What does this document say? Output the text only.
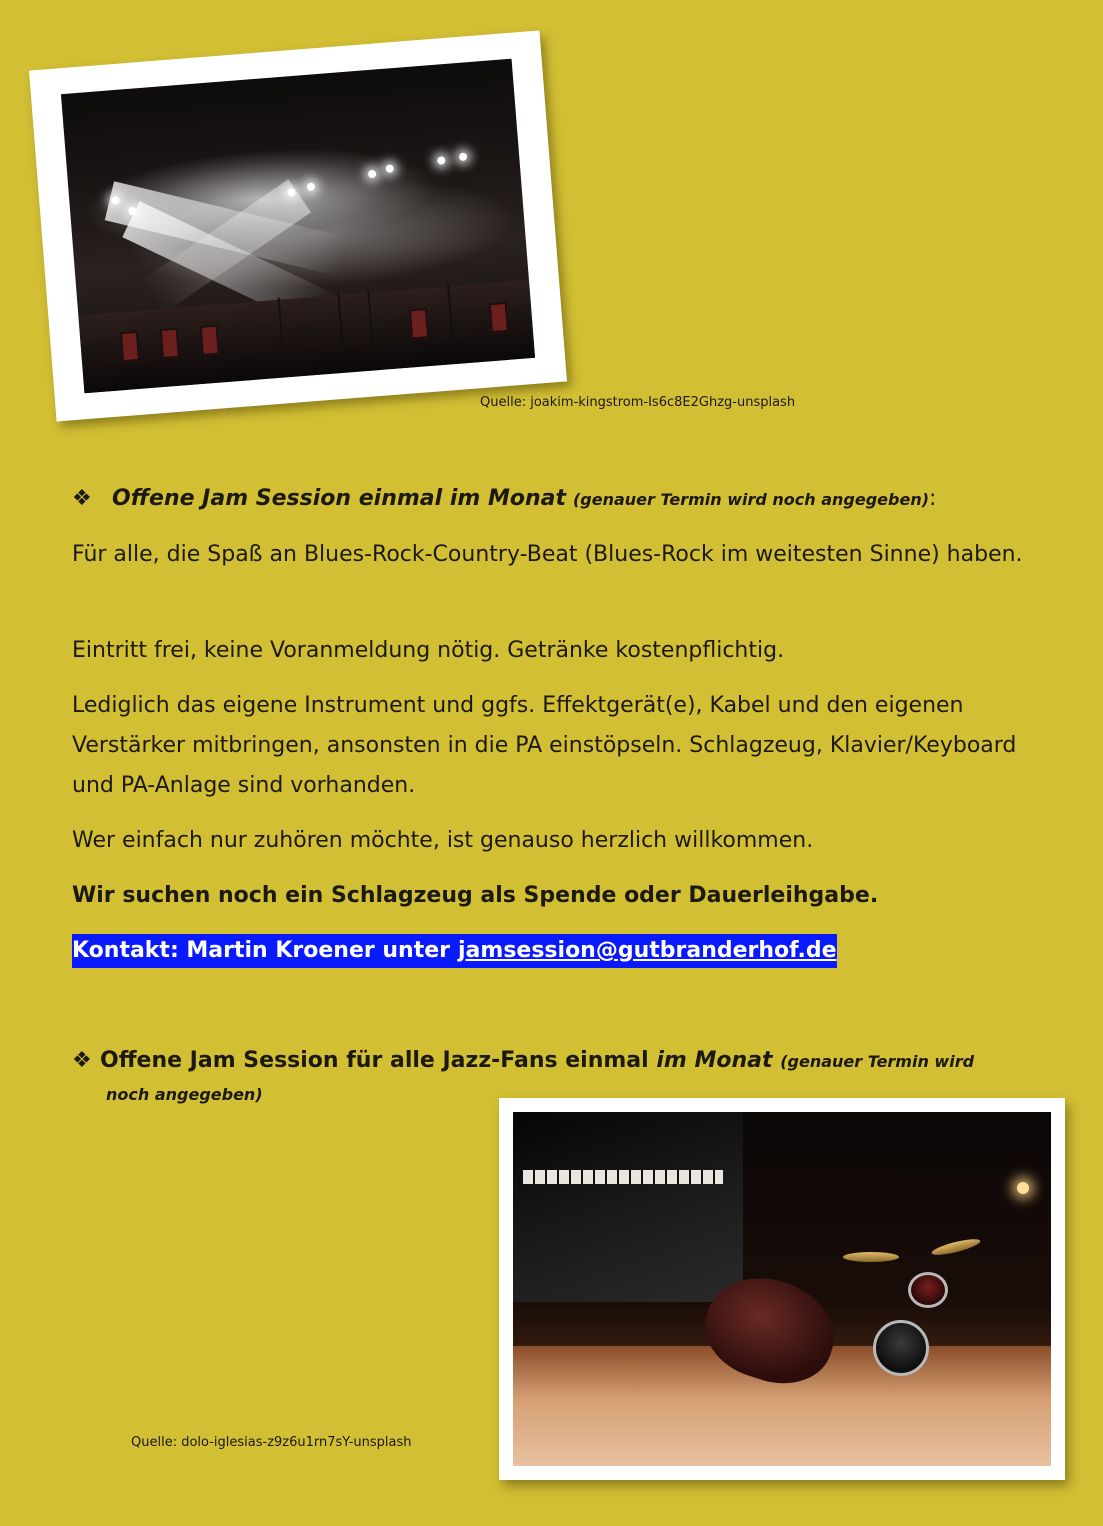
Quelle: joakim-kingstrom-Is6c8E2Ghzg-unsplash
❖ Offene Jam Session einmal im Monat (genauer Termin wird noch angegeben):

Für alle, die Spaß an Blues-Rock-Country-Beat (Blues-Rock im weitesten Sinne) haben.

Eintritt frei, keine Voranmeldung nötig. Getränke kostenpflichtig.

Lediglich das eigene Instrument und ggfs. Effektgerät(e), Kabel und den eigenen Verstärker mitbringen, ansonsten in die PA einstöpseln. Schlagzeug, Klavier/Keyboard und PA-Anlage sind vorhanden.

Wer einfach nur zuhören möchte, ist genauso herzlich willkommen.

Wir suchen noch ein Schlagzeug als Spende oder Dauerleihgabe.

Kontakt: Martin Kroener unter jamsession@gutbranderhof.de
❖ Offene Jam Session für alle Jazz-Fans einmal im Monat (genauer Termin wird
noch angegeben)
Quelle: dolo-iglesias-z9z6u1rn7sY-unsplash
